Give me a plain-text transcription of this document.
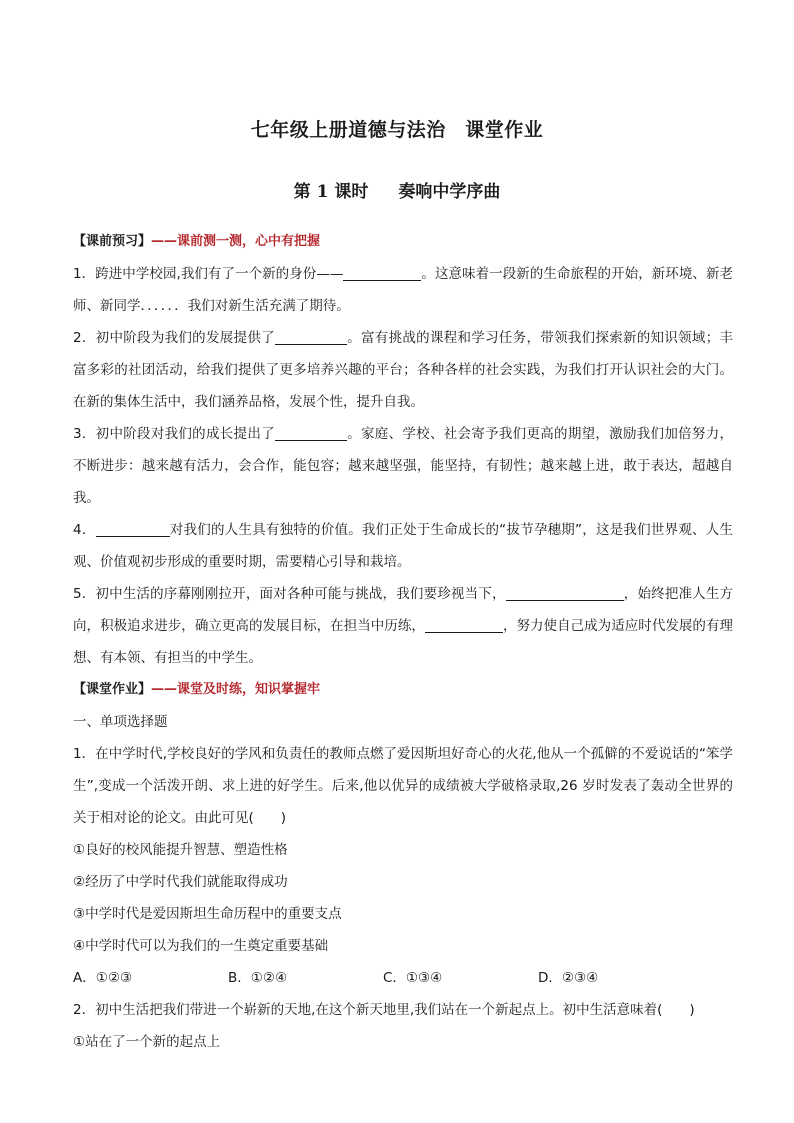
七年级上册道德与法治　课堂作业
第 1 课时 奏响中学序曲
【课前预习】——课前测一测，心中有把握

1．跨进中学校园,我们有了一个新的身份——	。这意味着一段新的生命旅程的开始，新环境、新老师、新同学．．．．．．我们对新生活充满了期待。

2．初中阶段为我们的发展提供了	。富有挑战的课程和学习任务，带领我们探索新的知识领域；丰富多彩的社团活动，给我们提供了更多培养兴趣的平台；各种各样的社会实践，为我们打开认识社会的大门。在新的集体生活中，我们涵养品格，发展个性，提升自我。

3．初中阶段对我们的成长提出了	。家庭、学校、社会寄予我们更高的期望，激励我们加倍努力，不断进步：越来越有活力，会合作，能包容；越来越坚强，能坚持，有韧性；越来越上进，敢于表达，超越自我。

4．	对我们的人生具有独特的价值。我们正处于生命成长的“拔节孕穗期”，这是我们世界观、人生观、价值观初步形成的重要时期，需要精心引导和栽培。

5．初中生活的序幕刚刚拉开，面对各种可能与挑战，我们要珍视当下，	，始终把准人生方向，积极追求进步，确立更高的发展目标，在担当中历练，	，努力使自己成为适应时代发展的有理想、有本领、有担当的中学生。

【课堂作业】——课堂及时练，知识掌握牢

一、单项选择题

1．在中学时代,学校良好的学风和负责任的教师点燃了爱因斯坦好奇心的火花,他从一个孤僻的不爱说话的“笨学生”,变成一个活泼开朗、求上进的好学生。后来,他以优异的成绩被大学破格录取,26 岁时发表了轰动全世界的关于相对论的论文。由此可见(　　)

①良好的校风能提升智慧、塑造性格

②经历了中学时代我们就能取得成功

③中学时代是爱因斯坦生命历程中的重要支点

④中学时代可以为我们的一生奠定重要基础

A．①②③	B．①②④	C．①③④	D．②③④

2．初中生活把我们带进一个崭新的天地,在这个新天地里,我们站在一个新起点上。初中生活意味着(　　)

①站在了一个新的起点上
